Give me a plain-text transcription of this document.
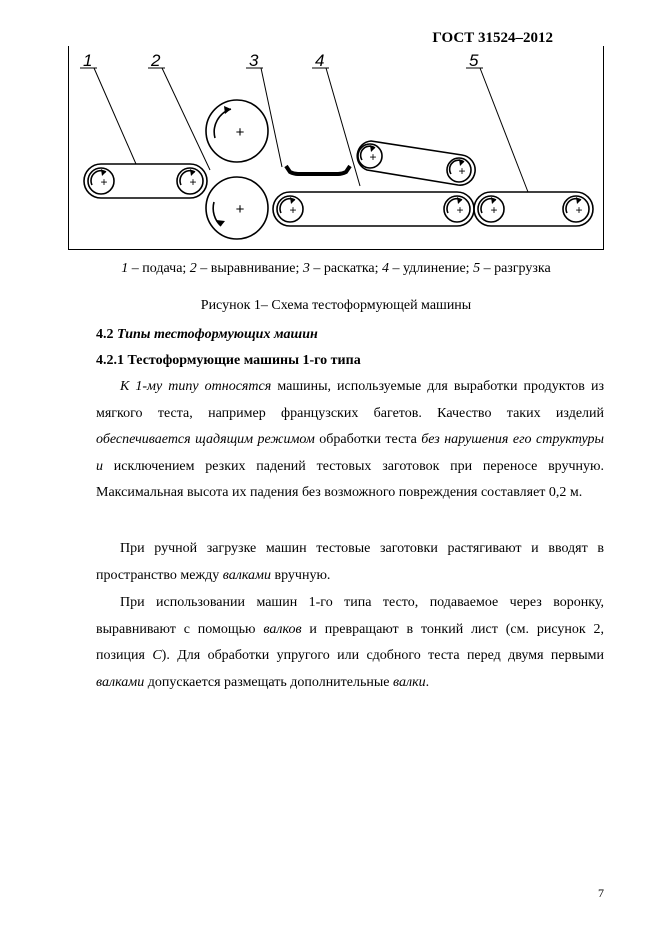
ГОСТ 31524–2012
+	+
+
+	+	+
+
+
+	+
1	2	3	4	5
1 – подача; 2 – выравнивание; 3 – раскатка; 4 – удлинение; 5 – разгрузка
Рисунок 1– Схема тестоформующей машины
4.2 Типы тестоформующих машин
4.2.1 Тестоформующие машины 1-го типа
К 1-му типу относятся машины, используемые для выработки продуктов из мягкого теста, например французских багетов. Качество таких изделий обеспечивается щадящим режимом обработки теста без нарушения его структуры и исключением резких падений тестовых заготовок при переносе вручную. Максимальная высота их падения без возможного повреждения составляет 0,2 м.
При ручной загрузке машин тестовые заготовки растягивают и вводят в пространство между валками вручную.
При использовании машин 1-го типа тесто, подаваемое через воронку, выравнивают с помощью валков и превращают в тонкий лист (см. рисунок 2, позиция С). Для обработки упругого или сдобного теста перед двумя первыми валками допускается размещать дополнительные валки.
7
